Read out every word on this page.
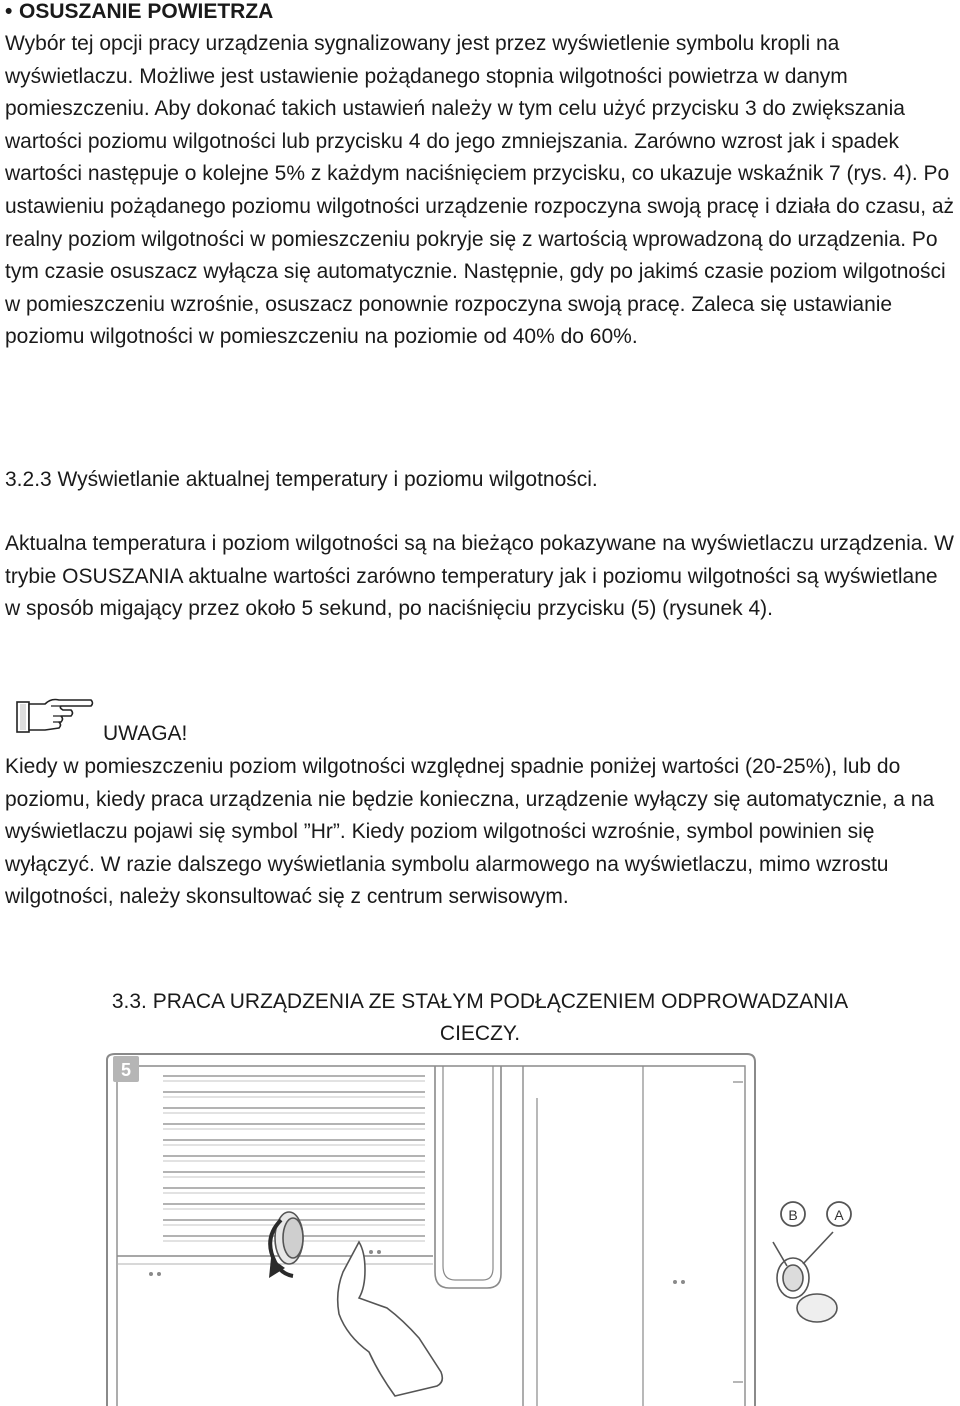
• OSUSZANIE POWIETRZA

Wybór tej opcji pracy urządzenia sygnalizowany jest przez wyświetlenie symbolu kropli na wyświetlaczu. Możliwe jest ustawienie pożądanego stopnia wilgotności powietrza w danym pomieszczeniu. Aby dokonać takich ustawień należy w tym celu użyć przycisku 3 do zwiększania wartości poziomu wilgotności lub przycisku 4 do jego zmniejszania. Zarówno wzrost jak i spadek wartości następuje o kolejne 5% z każdym naciśnięciem przycisku, co ukazuje wskaźnik 7 (rys. 4). Po ustawieniu pożądanego poziomu wilgotności urządzenie rozpoczyna swoją pracę i działa do czasu, aż realny poziom wilgotności w pomieszczeniu pokryje się z wartością wprowadzoną do urządzenia. Po tym czasie osuszacz wyłącza się automatycznie. Następnie, gdy po jakimś czasie poziom wilgotności w pomieszczeniu wzrośnie, osuszacz ponownie rozpoczyna swoją pracę. Zaleca się ustawianie poziomu wilgotności w pomieszczeniu na poziomie od 40% do 60%.

3.2.3 Wyświetlanie aktualnej temperatury i poziomu wilgotności.

Aktualna temperatura i poziom wilgotności są na bieżąco pokazywane na wyświetlaczu urządzenia. W trybie OSUSZANIA aktualne wartości zarówno temperatury jak i poziomu wilgotności są wyświetlane w sposób migający przez około 5 sekund, po naciśnięciu przycisku (5) (rysunek 4).

UWAGA!

Kiedy w pomieszczeniu poziom wilgotności względnej spadnie poniżej wartości (20-25%), lub do poziomu, kiedy praca urządzenia nie będzie konieczna, urządzenie wyłączy się automatycznie, a na wyświetlaczu pojawi się symbol ”Hr”. Kiedy poziom wilgotności wzrośnie, symbol powinien się wyłączyć. W razie dalszego wyświetlania symbolu alarmowego na wyświetlaczu, mimo wzrostu wilgotności, należy skonsultować się z centrum serwisowym.

3.3. PRACA URZĄDZENIA ZE STAŁYM PODŁĄCZENIEM ODPROWADZANIA
CIECZY.
5
B	A
